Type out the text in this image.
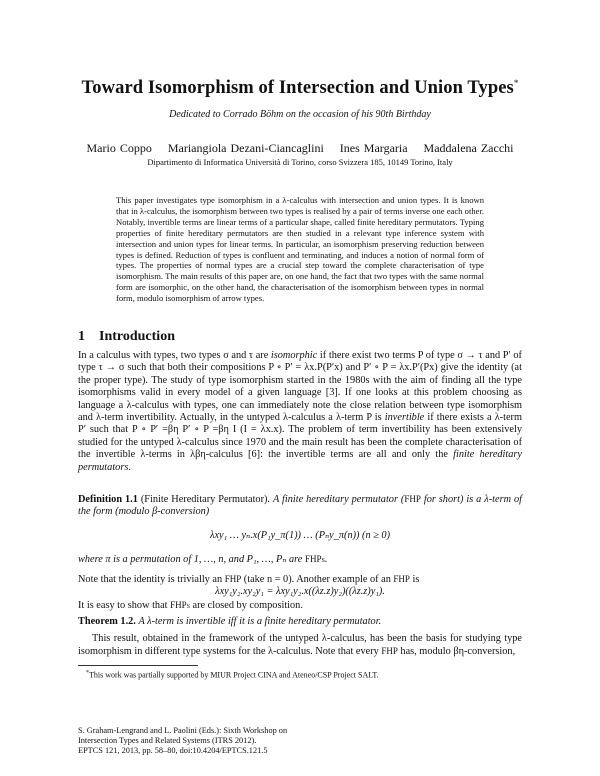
Toward Isomorphism of Intersection and Union Types*
Dedicated to Corrado Böhm on the occasion of his 90th Birthday
Mario Coppo Mariangiola Dezani-Ciancaglini Ines Margaria Maddalena Zacchi
Dipartimento di Informatica Università di Torino, corso Svizzera 185, 10149 Torino, Italy
This paper investigates type isomorphism in a λ-calculus with intersection and union types. It is known that in λ-calculus, the isomorphism between two types is realised by a pair of terms inverse one each other. Notably, invertible terms are linear terms of a particular shape, called finite hereditary permutators. Typing properties of finite hereditary permutators are then studied in a relevant type inference system with intersection and union types for linear terms. In particular, an isomorphism preserving reduction between types is defined. Reduction of types is confluent and terminating, and induces a notion of normal form of types. The properties of normal types are a crucial step toward the complete characterisation of type isomorphism. The main results of this paper are, on one hand, the fact that two types with the same normal form are isomorphic, on the other hand, the characterisation of the isomorphism between types in normal form, modulo isomorphism of arrow types.
1 Introduction
In a calculus with types, two types σ and τ are isomorphic if there exist two terms P of type σ → τ and P′ of type τ → σ such that both their compositions P ∘ P′ = λx.P(P′x) and P′ ∘ P = λx.P′(Px) give the identity (at the proper type). The study of type isomorphism started in the 1980s with the aim of finding all the type isomorphisms valid in every model of a given language [3]. If one looks at this problem choosing as language a λ-calculus with types, one can immediately note the close relation between type isomorphism and λ-term invertibility. Actually, in the untyped λ-calculus a λ-term P is invertible if there exists a λ-term P′ such that P ∘ P′ =βη P′ ∘ P =βη I (I = λx.x). The problem of term invertibility has been extensively studied for the untyped λ-calculus since 1970 and the main result has been the complete characterisation of the invertible λ-terms in λβη-calculus [6]: the invertible terms are all and only the finite hereditary permutators.
Definition 1.1 (Finite Hereditary Permutator). A finite hereditary permutator (FHP for short) is a λ-term of the form (modulo β-conversion)
λxy₁ … yₙ.x(P₁y_π(1)) … (Pₙy_π(n)) (n ≥ 0)
where π is a permutation of 1, …, n, and P₁, …, Pₙ are FHPs.
Note that the identity is trivially an FHP (take n = 0). Another example of an FHP is
λxy₁y₂.xy₂y₁ = λxy₁y₂.x((λz.z)y₂)((λz.z)y₁).
It is easy to show that FHPs are closed by composition.
Theorem 1.2. A λ-term is invertible iff it is a finite hereditary permutator.
This result, obtained in the framework of the untyped λ-calculus, has been the basis for studying type isomorphism in different type systems for the λ-calculus. Note that every FHP has, modulo βη-conversion,
*This work was partially supported by MIUR Project CINA and Ateneo/CSP Project SALT.
S. Graham-Lengrand and L. Paolini (Eds.): Sixth Workshop on
Intersection Types and Related Systems (ITRS 2012).
EPTCS 121, 2013, pp. 58–80, doi:10.4204/EPTCS.121.5
